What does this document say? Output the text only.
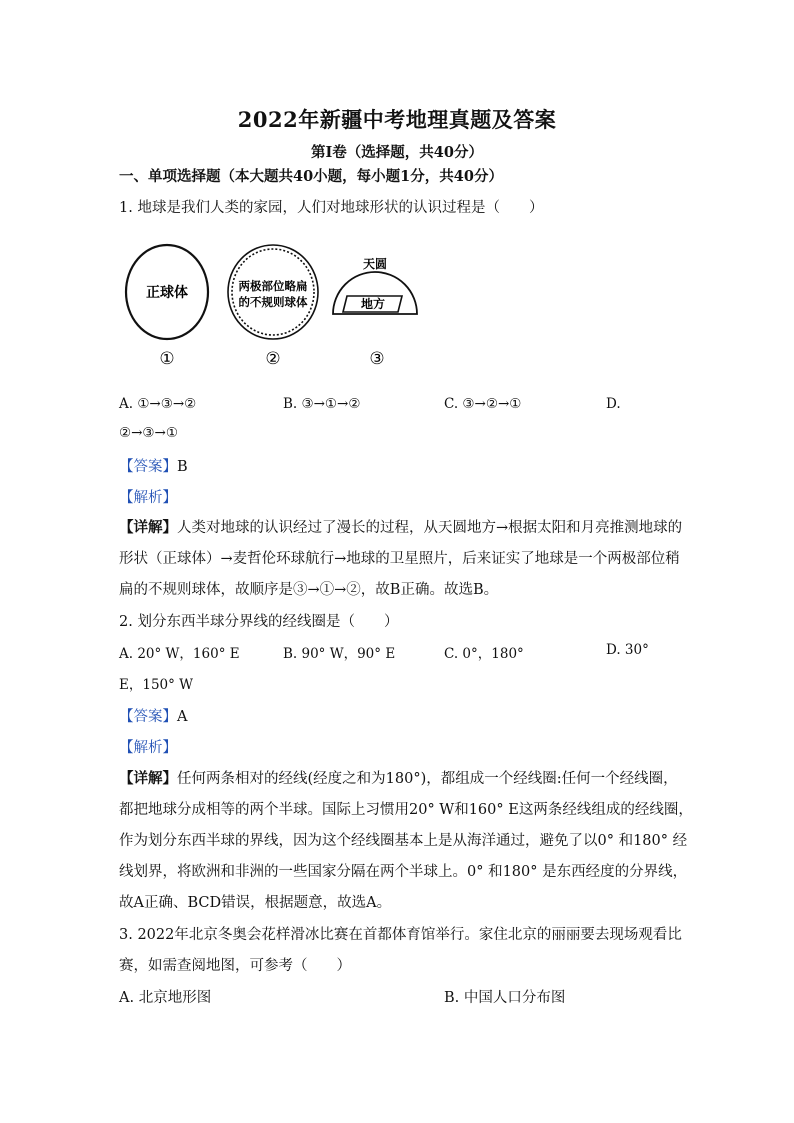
2022年新疆中考地理真题及答案
第Ⅰ卷（选择题，共40分）
一、单项选择题（本大题共40小题，每小题1分，共40分）
1. 地球是我们人类的家园，人们对地球形状的认识过程是（　　）
正球体	两极部位略扁
的不规则球体
天圆
地方
①	②	③
A. ①→③→②	B. ③→①→②	C. ③→②→①	D.
②→③→①
【答案】B
【解析】
【详解】人类对地球的认识经过了漫长的过程，从天圆地方→根据太阳和月亮推测地球的
形状（正球体）→麦哲伦环球航行→地球的卫星照片，后来证实了地球是一个两极部位稍
扁的不规则球体，故顺序是③→①→②，故B正确。故选B。
2. 划分东西半球分界线的经线圈是（　　）
A. 20° W，160° E	B. 90° W，90° E	C. 0°，180°	D. 30°
E，150° W
【答案】A
【解析】
【详解】任何两条相对的经线(经度之和为180°)，都组成一个经线圈:任何一个经线圈，
都把地球分成相等的两个半球。国际上习惯用20° W和160° E这两条经线组成的经线圈，
作为划分东西半球的界线，因为这个经线圈基本上是从海洋通过，避免了以0° 和180° 经
线划界，将欧洲和非洲的一些国家分隔在两个半球上。0° 和180° 是东西经度的分界线，
故A正确、BCD错误，根据题意，故选A。
3. 2022年北京冬奥会花样滑冰比赛在首都体育馆举行。家住北京的丽丽要去现场观看比
赛，如需查阅地图，可参考（　　）
A. 北京地形图	B. 中国人口分布图
